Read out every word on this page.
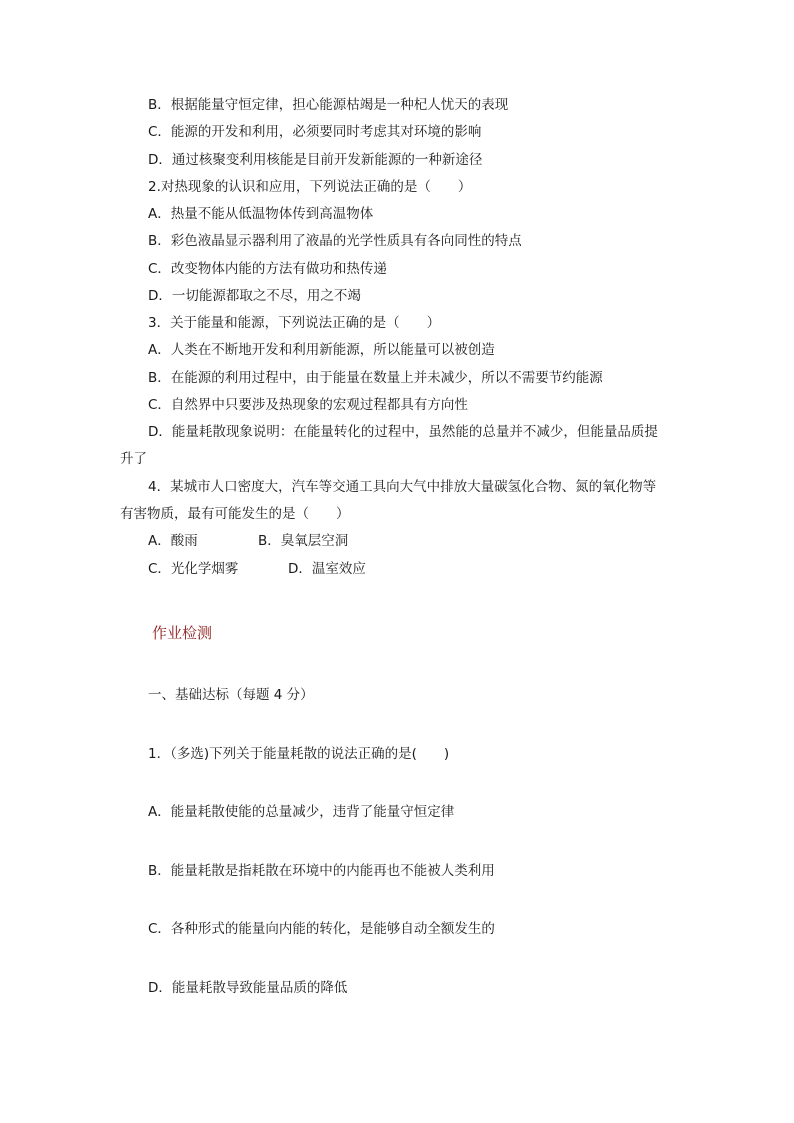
B．根据能量守恒定律，担心能源枯竭是一种杞人忧天的表现
C．能源的开发和利用，必须要同时考虑其对环境的影响
D．通过核聚变利用核能是目前开发新能源的一种新途径
2.对热现象的认识和应用，下列说法正确的是（　　）
A．热量不能从低温物体传到高温物体
B．彩色液晶显示器利用了液晶的光学性质具有各向同性的特点
C．改变物体内能的方法有做功和热传递
D．一切能源都取之不尽，用之不竭
3．关于能量和能源，下列说法正确的是（　　）
A．人类在不断地开发和利用新能源，所以能量可以被创造
B．在能源的利用过程中，由于能量在数量上并未减少，所以不需要节约能源
C．自然界中只要涉及热现象的宏观过程都具有方向性
D．能量耗散现象说明：在能量转化的过程中，虽然能的总量并不减少，但能量品质提
升了
4．某城市人口密度大，汽车等交通工具向大气中排放大量碳氢化合物、氮的氧化物等
有害物质，最有可能发生的是（　　）
A．酸雨	B．臭氧层空洞
C．光化学烟雾	D．温室效应
作业检测
一、基础达标（每题 4 分）
1．（多选)下列关于能量耗散的说法正确的是(　　)
A．能量耗散使能的总量减少，违背了能量守恒定律
B．能量耗散是指耗散在环境中的内能再也不能被人类利用
C．各种形式的能量向内能的转化，是能够自动全额发生的
D．能量耗散导致能量品质的降低
